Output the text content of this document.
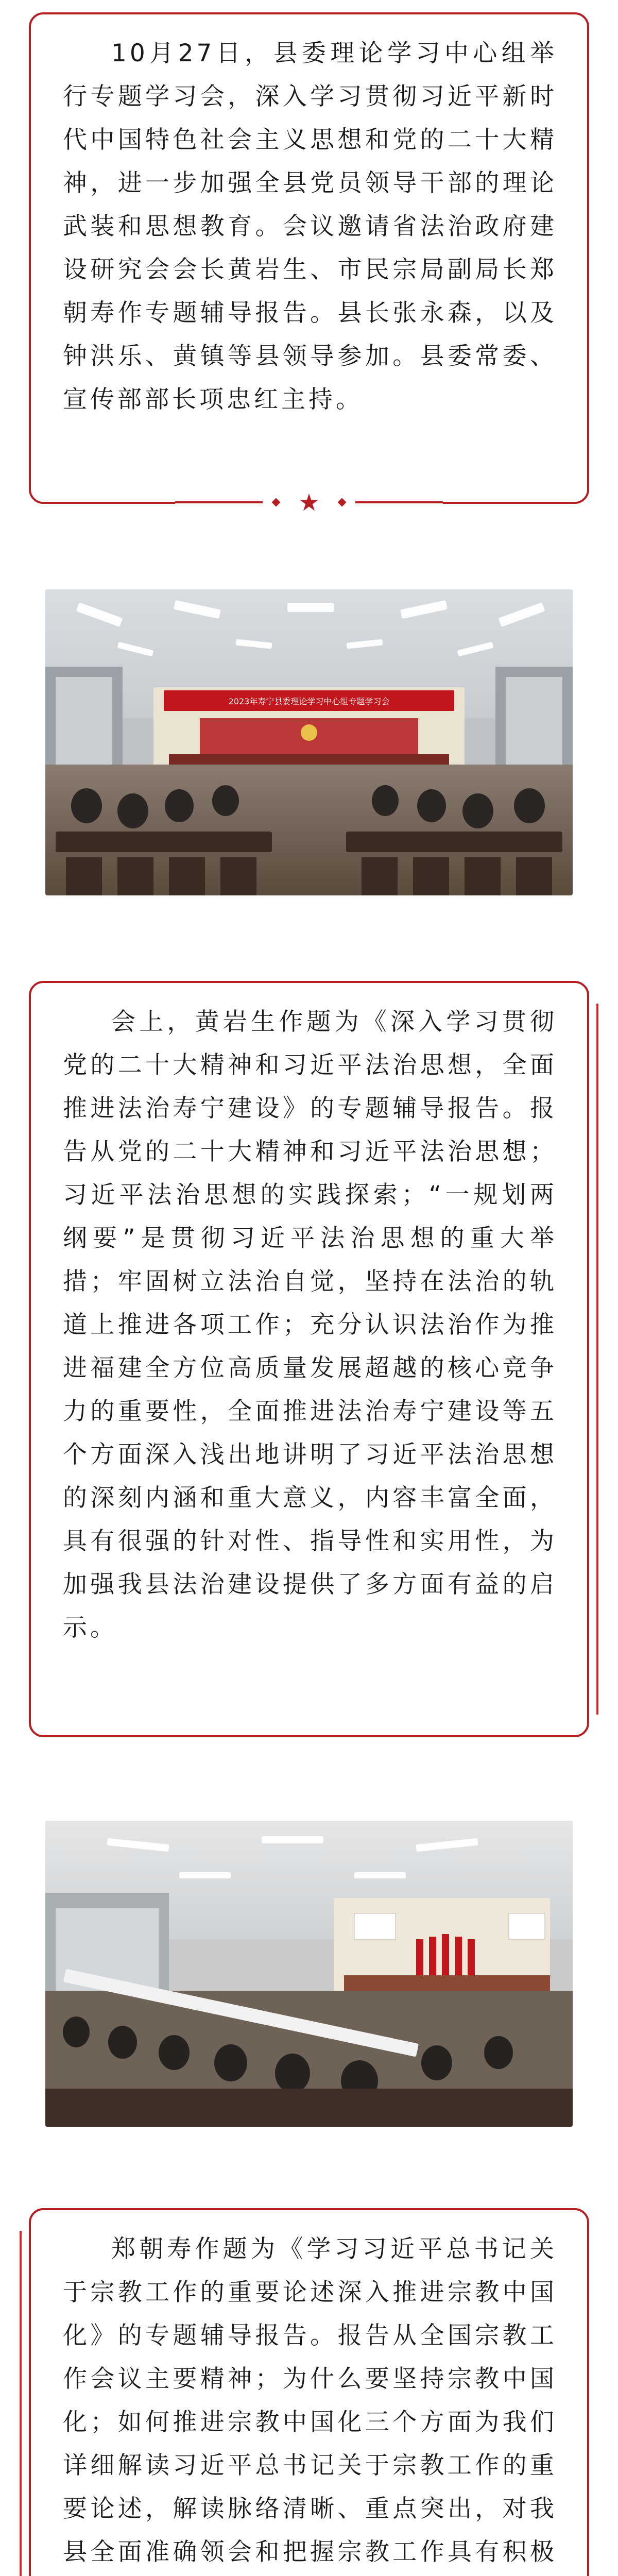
10月27日，县委理论学习中心组举行专题学习会，深入学习贯彻习近平新时代中国特色社会主义思想和党的二十大精神，进一步加强全县党员领导干部的理论武装和思想教育。会议邀请省法治政府建设研究会会长黄岩生、市民宗局副局长郑朝寿作专题辅导报告。县长张永森，以及钟洪乐、黄镇等县领导参加。县委常委、宣传部部长项忠红主持。

★
2023年寿宁县委理论学习中心组专题学习会

会上，黄岩生作题为《深入学习贯彻党的二十大精神和习近平法治思想，全面推进法治寿宁建设》的专题辅导报告。报告从党的二十大精神和习近平法治思想；习近平法治思想的实践探索；“一规划两纲要”是贯彻习近平法治思想的重大举措；牢固树立法治自觉，坚持在法治的轨道上推进各项工作；充分认识法治作为推进福建全方位高质量发展超越的核心竞争力的重要性，全面推进法治寿宁建设等五个方面深入浅出地讲明了习近平法治思想的深刻内涵和重大意义，内容丰富全面，具有很强的针对性、指导性和实用性，为加强我县法治建设提供了多方面有益的启示。

郑朝寿作题为《学习习近平总书记关于宗教工作的重要论述深入推进宗教中国化》的专题辅导报告。报告从全国宗教工作会议主要精神；为什么要坚持宗教中国化；如何推进宗教中国化三个方面为我们详细解读习近平总书记关于宗教工作的重要论述，解读脉络清晰、重点突出，对我县全面准确领会和把握宗教工作具有积极
